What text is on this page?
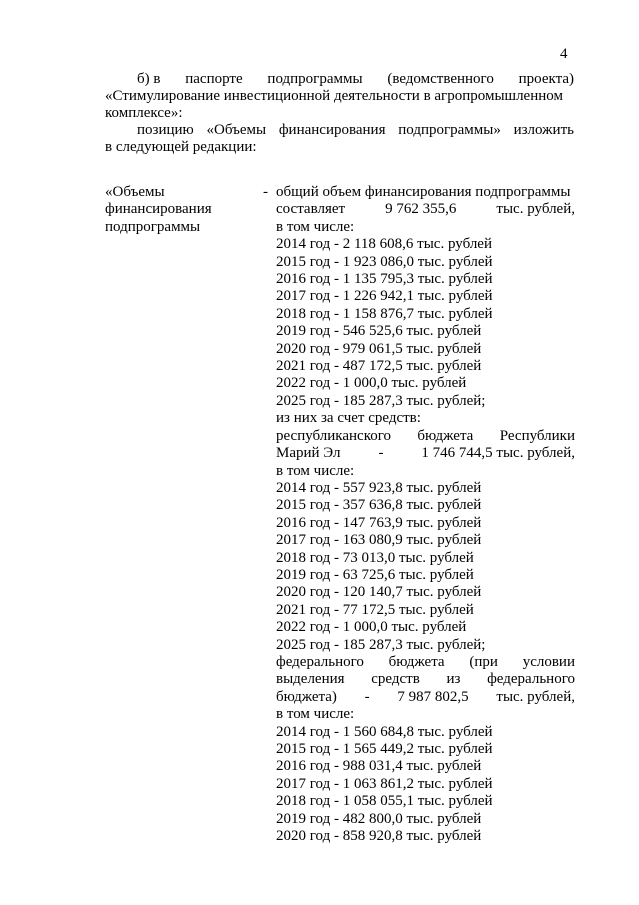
4

б) в паспорте подпрограммы (ведомственного проекта)

«Стимулирование инвестиционной деятельности в агропромышленном

комплексе»:

позицию «Объемы финансирования подпрограммы» изложить

в следующей редакции:

«Объемы
финансирования
подпрограммы
- общий объем финансирования подпрограммы
составляет	9 762 355,6	тыс. рублей,
в том числе:
2014 год - 2 118 608,6 тыс. рублей
2015 год - 1 923 086,0 тыс. рублей
2016 год - 1 135 795,3 тыс. рублей
2017 год - 1 226 942,1 тыс. рублей
2018 год - 1 158 876,7 тыс. рублей
2019 год - 546 525,6 тыс. рублей
2020 год - 979 061,5 тыс. рублей
2021 год - 487 172,5 тыс. рублей
2022 год - 1 000,0 тыс. рублей
2025 год - 185 287,3 тыс. рублей;
из них за счет средств:
республиканского бюджета Республики
Марий Эл	-	1 746 744,5 тыс. рублей,
в том числе:
2014 год - 557 923,8 тыс. рублей
2015 год - 357 636,8 тыс. рублей
2016 год - 147 763,9 тыс. рублей
2017 год - 163 080,9 тыс. рублей
2018 год - 73 013,0 тыс. рублей
2019 год - 63 725,6 тыс. рублей
2020 год - 120 140,7 тыс. рублей
2021 год - 77 172,5 тыс. рублей
2022 год - 1 000,0 тыс. рублей
2025 год - 185 287,3 тыс. рублей;
федерального бюджета (при условии
выделения средств из федерального
бюджета) - 7 987 802,5 тыс. рублей,
в том числе:
2014 год - 1 560 684,8 тыс. рублей
2015 год - 1 565 449,2 тыс. рублей
2016 год - 988 031,4 тыс. рублей
2017 год - 1 063 861,2 тыс. рублей
2018 год - 1 058 055,1 тыс. рублей
2019 год - 482 800,0 тыс. рублей
2020 год - 858 920,8 тыс. рублей
